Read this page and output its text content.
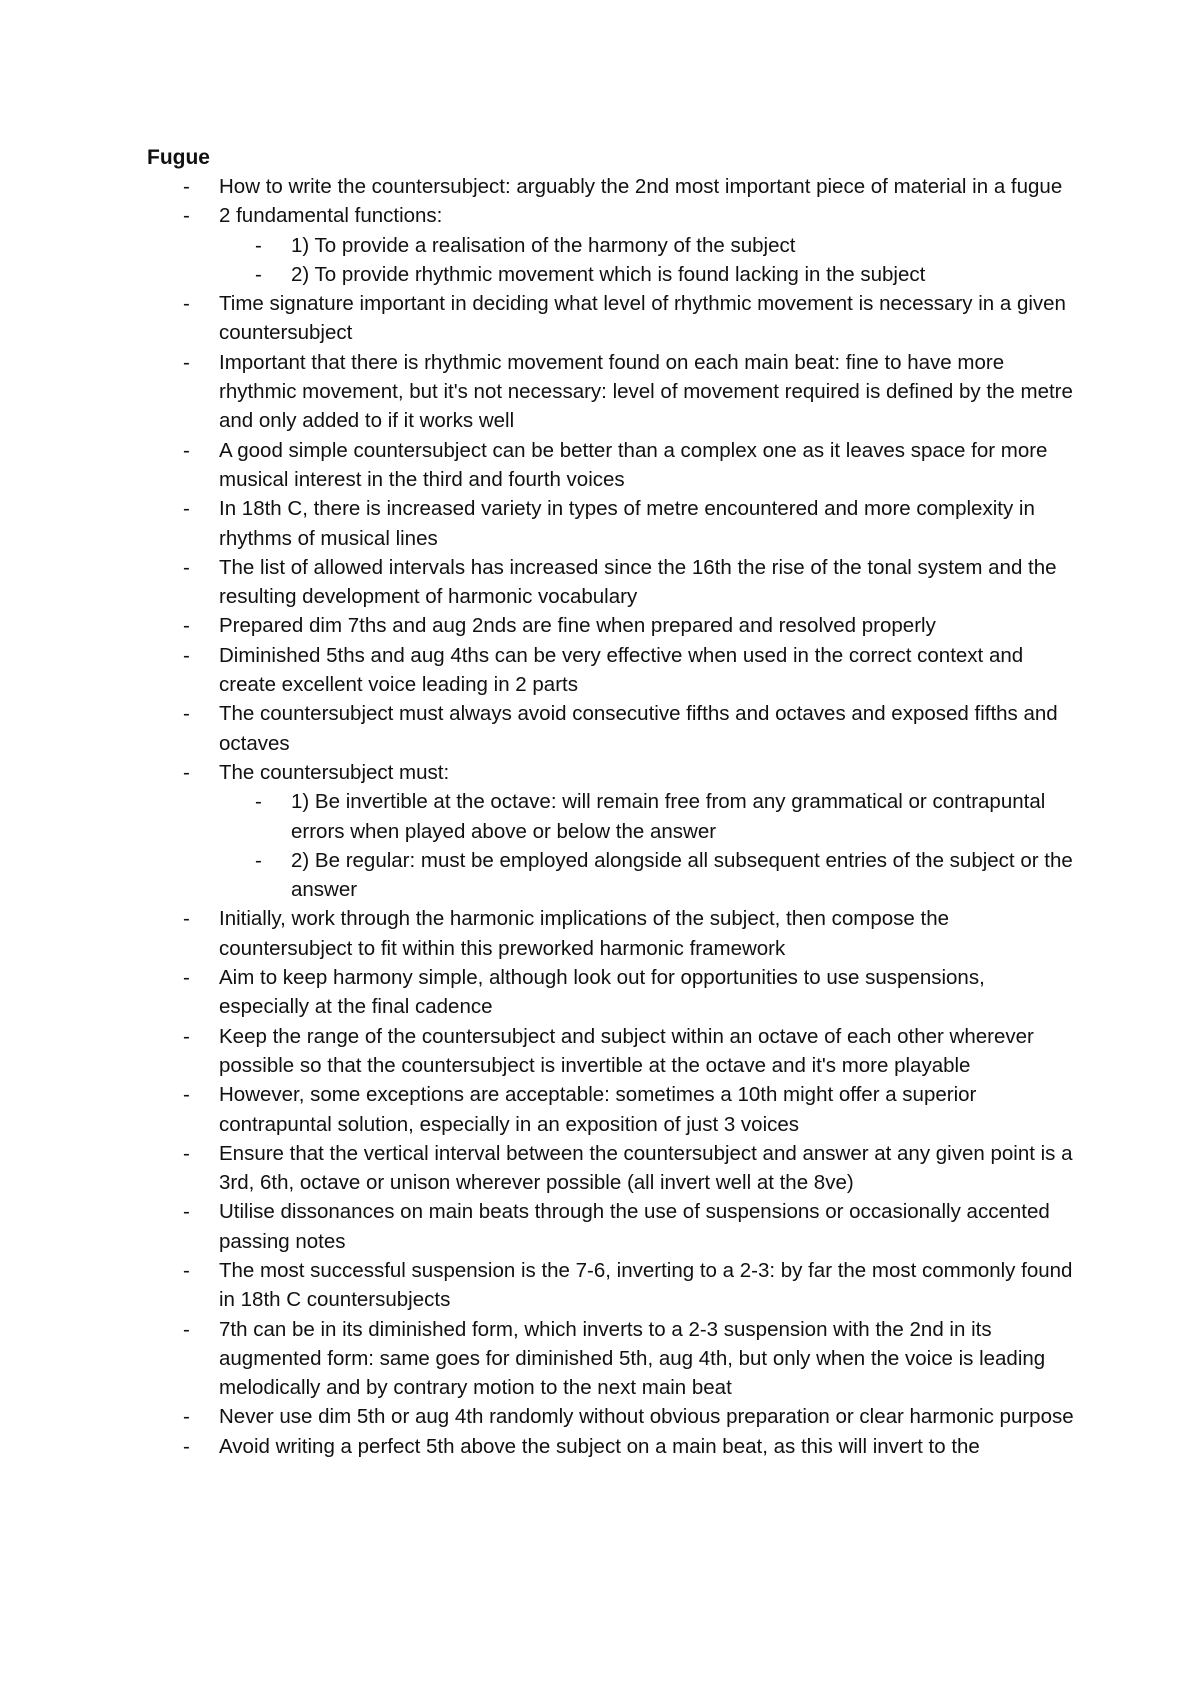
Fugue

- How to write the countersubject: arguably the 2nd most important piece of material in a fugue
- 2 fundamental functions:
- 1) To provide a realisation of the harmony of the subject
- 2) To provide rhythmic movement which is found lacking in the subject
- Time signature important in deciding what level of rhythmic movement is necessary in a given countersubject
- Important that there is rhythmic movement found on each main beat: fine to have more rhythmic movement, but it's not necessary: level of movement required is defined by the metre and only added to if it works well
- A good simple countersubject can be better than a complex one as it leaves space for more musical interest in the third and fourth voices
- In 18th C, there is increased variety in types of metre encountered and more complexity in rhythms of musical lines
- The list of allowed intervals has increased since the 16th the rise of the tonal system and the resulting development of harmonic vocabulary
- Prepared dim 7ths and aug 2nds are fine when prepared and resolved properly
- Diminished 5ths and aug 4ths can be very effective when used in the correct context and create excellent voice leading in 2 parts
- The countersubject must always avoid consecutive fifths and octaves and exposed fifths and octaves
- The countersubject must:
- 1) Be invertible at the octave: will remain free from any grammatical or contrapuntal errors when played above or below the answer
- 2) Be regular: must be employed alongside all subsequent entries of the subject or the answer
- Initially, work through the harmonic implications of the subject, then compose the countersubject to fit within this preworked harmonic framework
- Aim to keep harmony simple, although look out for opportunities to use suspensions, especially at the final cadence
- Keep the range of the countersubject and subject within an octave of each other wherever possible so that the countersubject is invertible at the octave and it's more playable
- However, some exceptions are acceptable: sometimes a 10th might offer a superior contrapuntal solution, especially in an exposition of just 3 voices
- Ensure that the vertical interval between the countersubject and answer at any given point is a 3rd, 6th, octave or unison wherever possible (all invert well at the 8ve)
- Utilise dissonances on main beats through the use of suspensions or occasionally accented passing notes
- The most successful suspension is the 7-6, inverting to a 2-3: by far the most commonly found in 18th C countersubjects
- 7th can be in its diminished form, which inverts to a 2-3 suspension with the 2nd in its augmented form: same goes for diminished 5th, aug 4th, but only when the voice is leading melodically and by contrary motion to the next main beat
- Never use dim 5th or aug 4th randomly without obvious preparation or clear harmonic purpose
- Avoid writing a perfect 5th above the subject on a main beat, as this will invert to the
